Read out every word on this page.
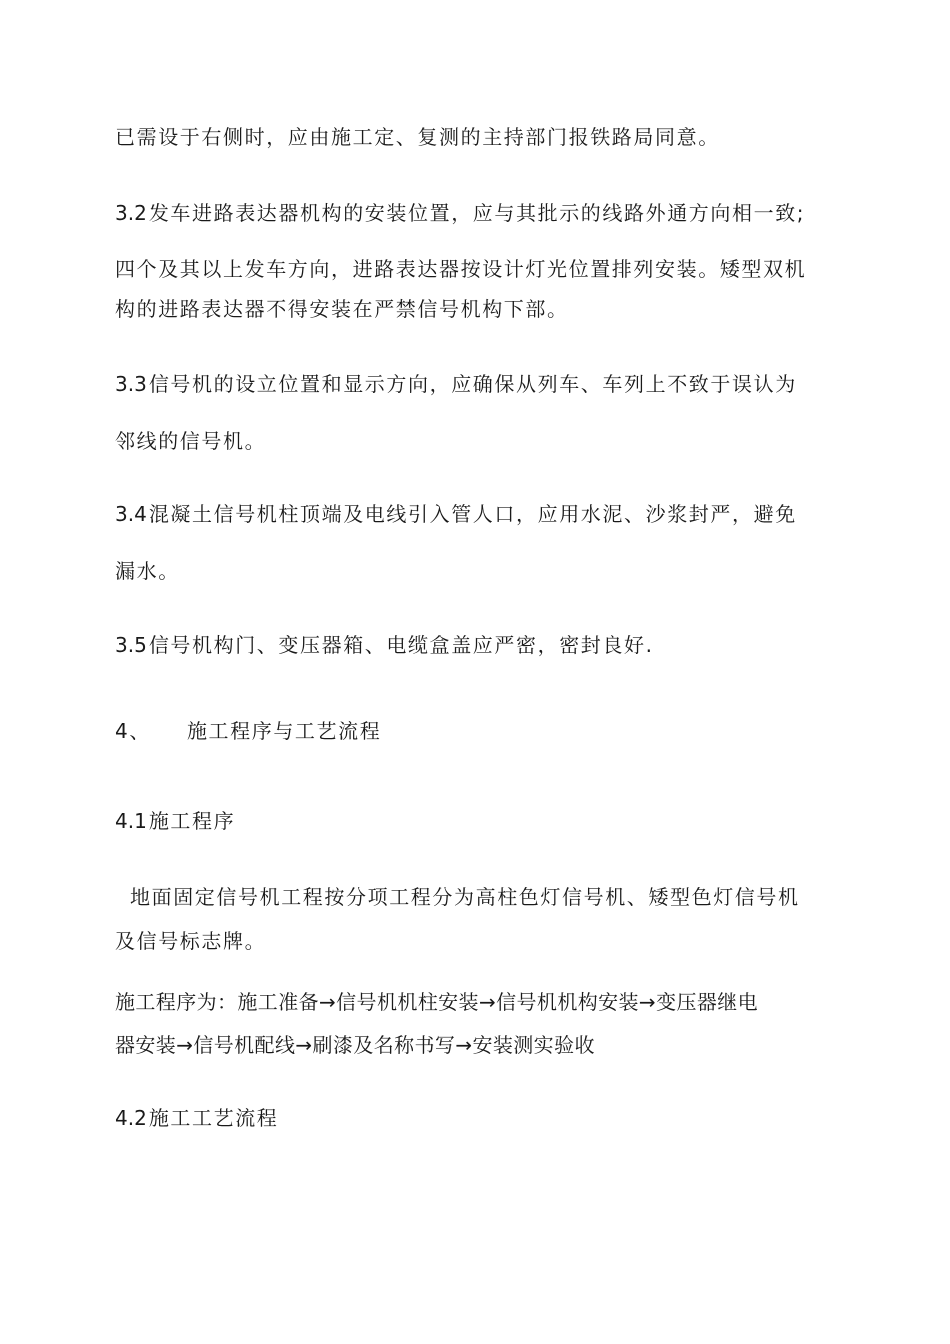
已需设于右侧时，应由施工定、复测的主持部门报铁路局同意。
3.2 发车进路表达器机构的安装位置，应与其批示的线路外通方向相一致;
四个及其以上发车方向，进路表达器按设计灯光位置排列安装。矮型双机
构的进路表达器不得安装在严禁信号机构下部。
3.3 信号机的设立位置和显示方向，应确保从列车、车列上不致于误认为
邻线的信号机。
3.4 混凝土信号机柱顶端及电线引入管人口，应用水泥、沙浆封严，避免
漏水。
3.5 信号机构门、变压器箱、电缆盒盖应严密，密封良好.
4、 施工程序与工艺流程
4.1 施工程序
地面固定信号机工程按分项工程分为高柱色灯信号机、矮型色灯信号机
及信号标志牌。
施工程序为：施工准备→信号机机柱安装→信号机机构安装→变压器继电
器安装→信号机配线→刷漆及名称书写→安装测实验收
4.2 施工工艺流程
